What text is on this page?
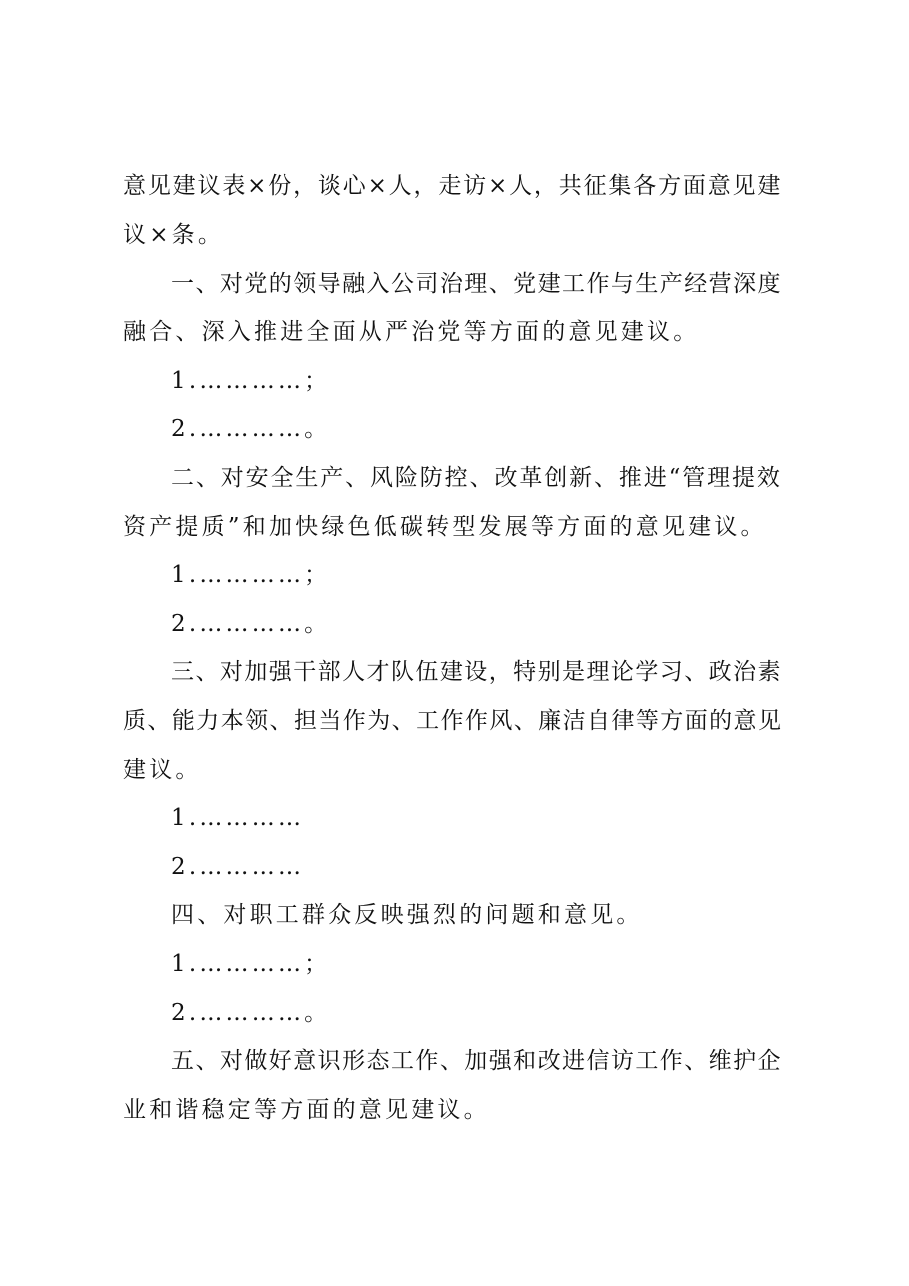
意见建议表×份，谈心×人，走访×人，共征集各方面意见建
议×条。
一、对党的领导融入公司治理、党建工作与生产经营深度
融合、深入推进全面从严治党等方面的意见建议。
1.…………；
2.…………。
二、对安全生产、风险防控、改革创新、推进“管理提效
资产提质”和加快绿色低碳转型发展等方面的意见建议。
1.…………；
2.…………。
三、对加强干部人才队伍建设，特别是理论学习、政治素
质、能力本领、担当作为、工作作风、廉洁自律等方面的意见
建议。
1.…………
2.…………
四、对职工群众反映强烈的问题和意见。
1.…………；
2.…………。
五、对做好意识形态工作、加强和改进信访工作、维护企
业和谐稳定等方面的意见建议。
